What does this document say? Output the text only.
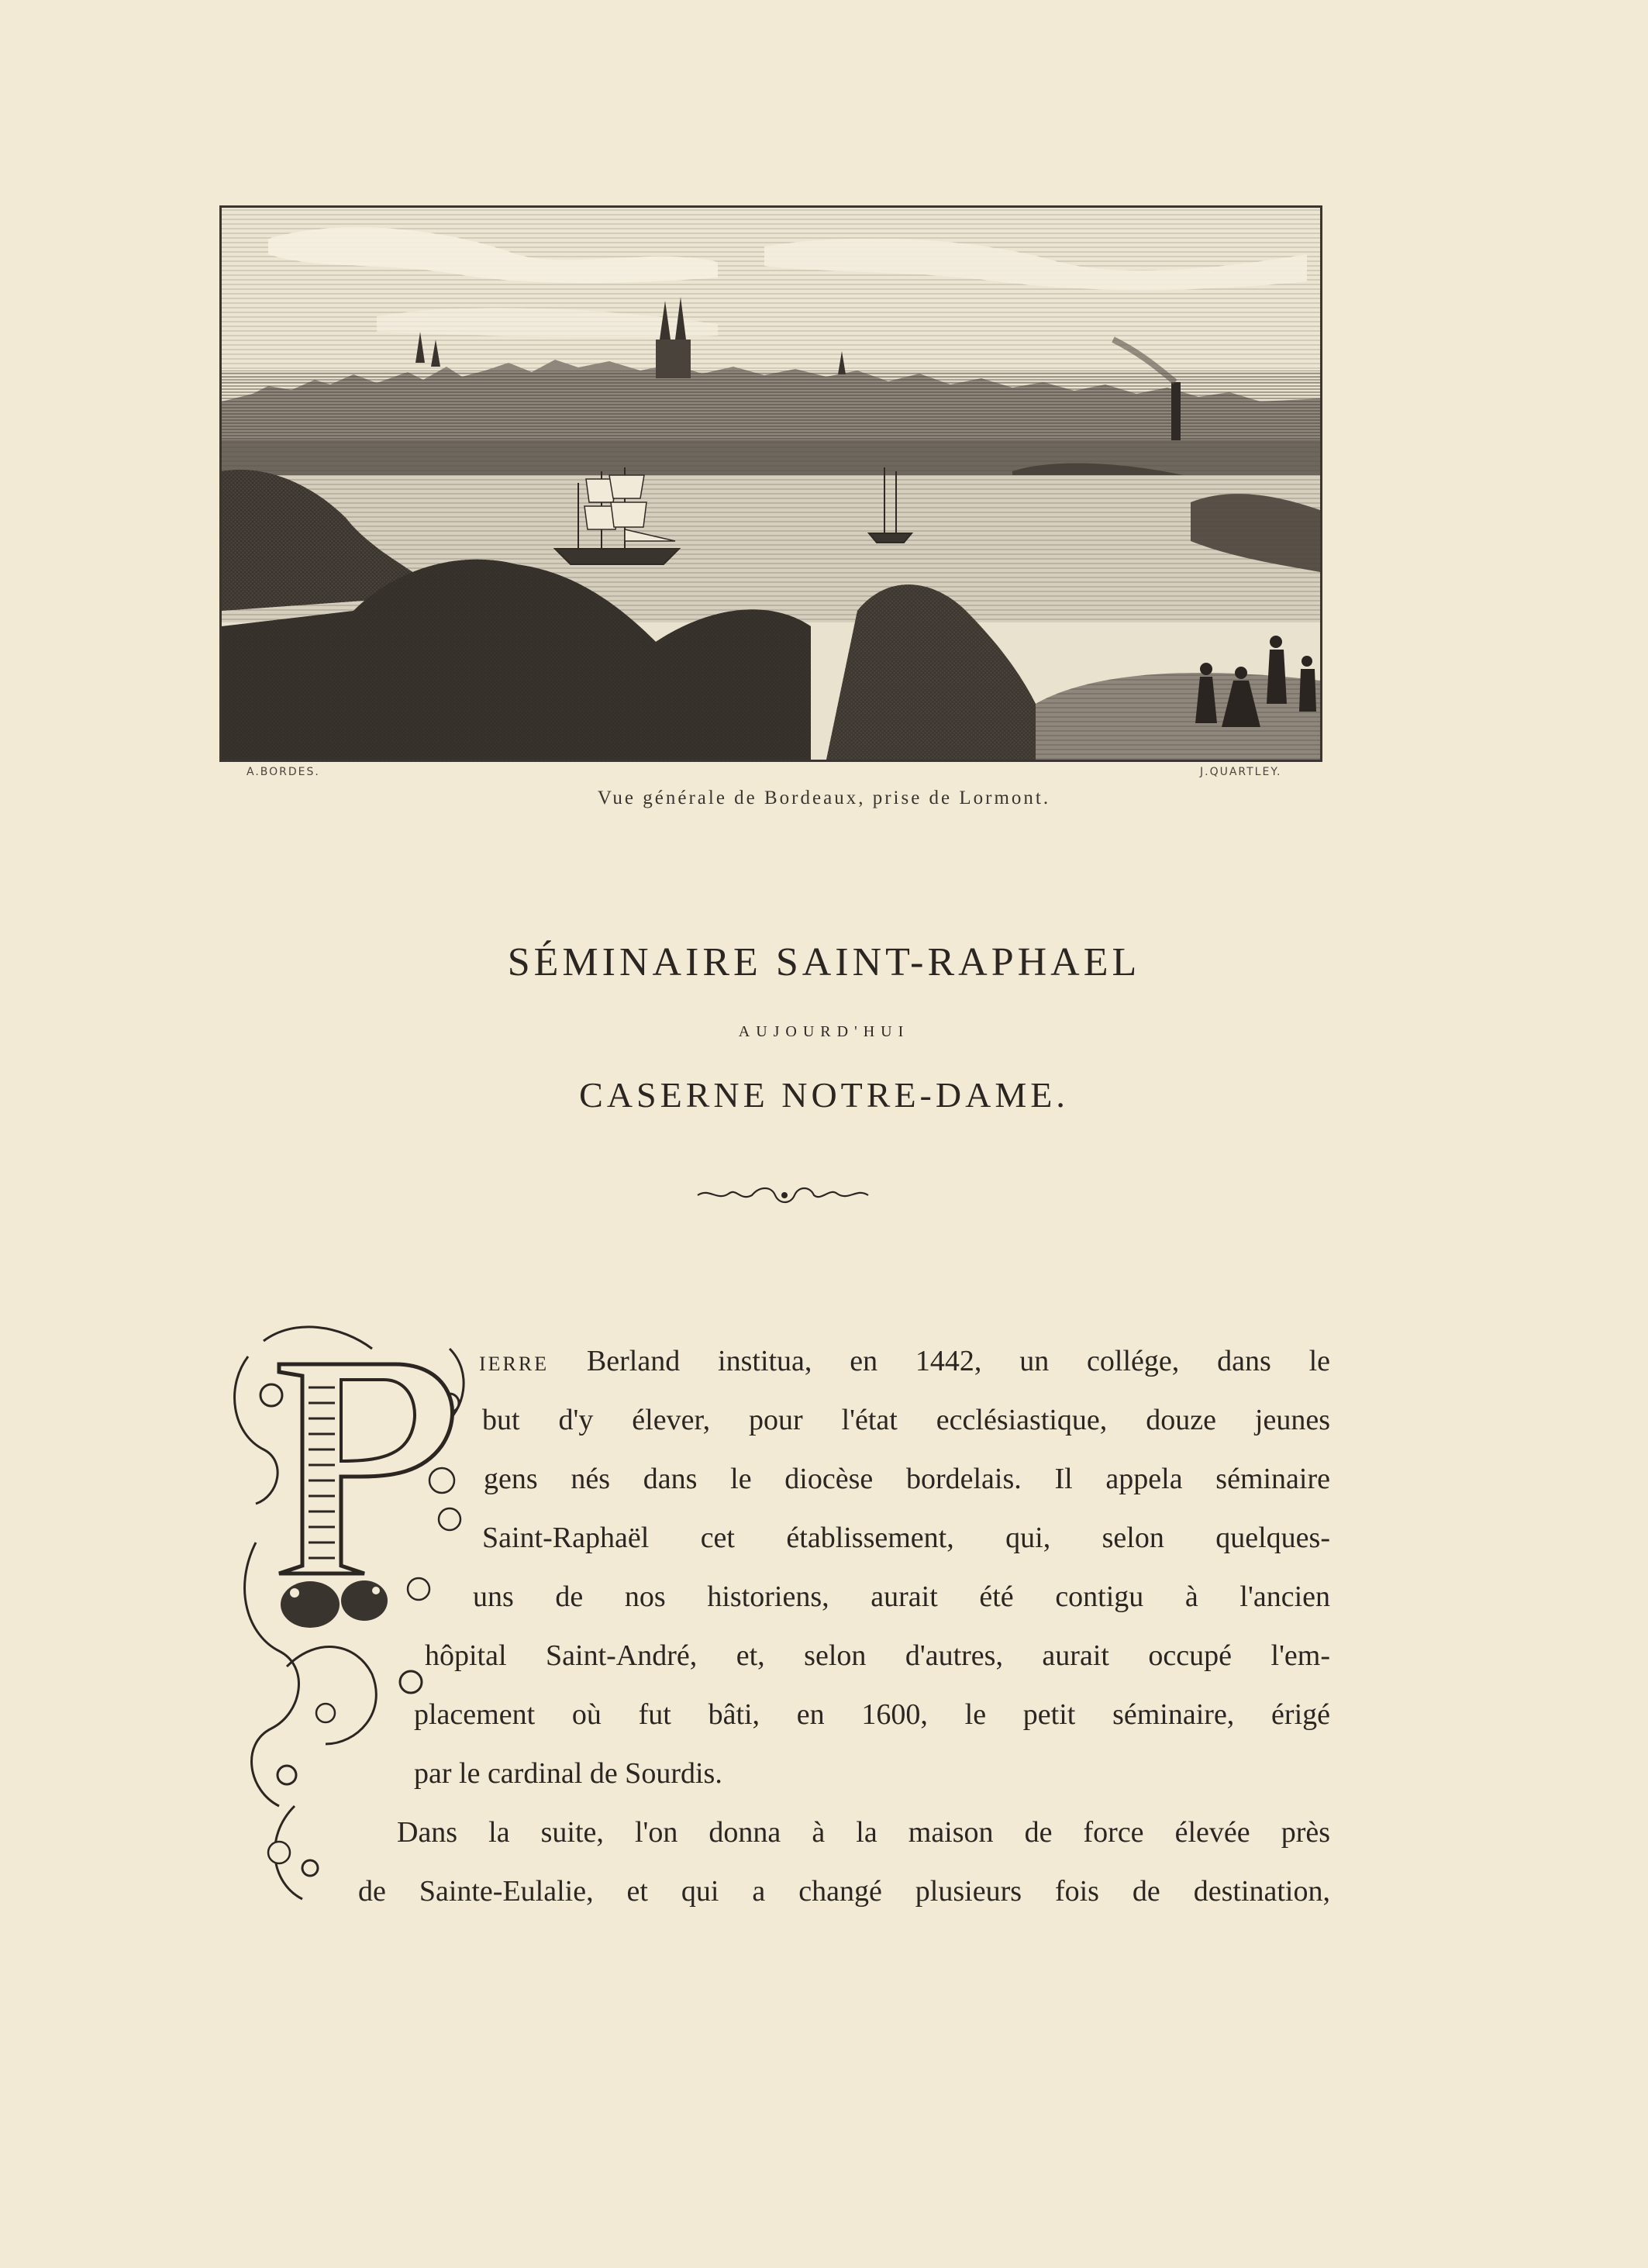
A.BORDES.	J.QUARTLEY.
Vue générale de Bordeaux, prise de Lormont.
SÉMINAIRE SAINT-RAPHAEL
AUJOURD'HUI
CASERNE NOTRE-DAME.
IERRE Berland institua, en 1442, un collége, dans le
but d'y élever, pour l'état ecclésiastique, douze jeunes
gens nés dans le diocèse bordelais. Il appela séminaire
Saint-Raphaël cet établissement, qui, selon quelques-
uns de nos historiens, aurait été contigu à l'ancien
hôpital Saint-André, et, selon d'autres, aurait occupé l'em-
placement où fut bâti, en 1600, le petit séminaire, érigé
par le cardinal de Sourdis.
Dans la suite, l'on donna à la maison de force élevée près
de Sainte-Eulalie, et qui a changé plusieurs fois de destination,
